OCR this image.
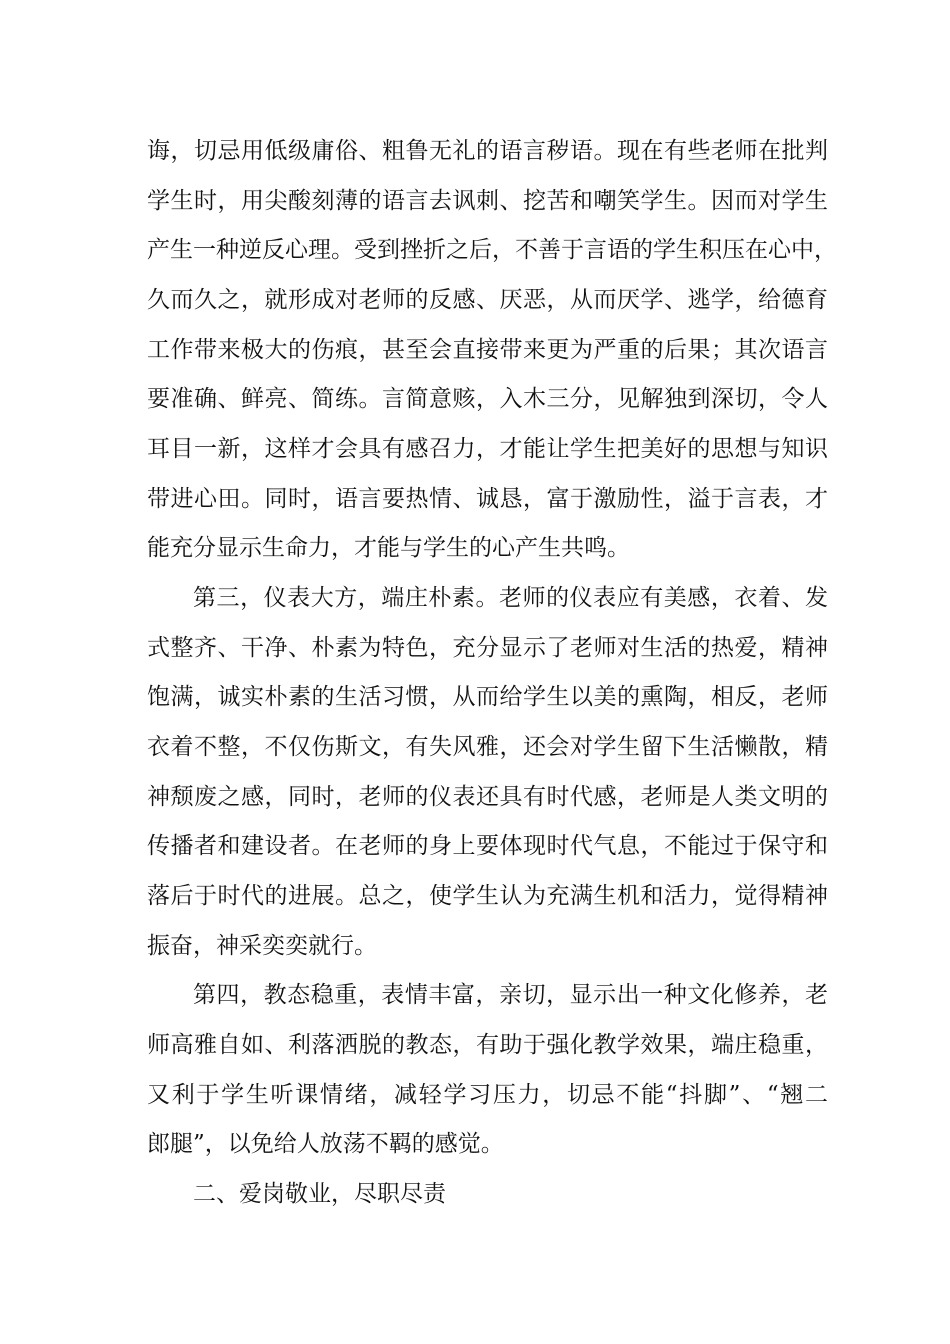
诲，切忌用低级庸俗、粗鲁无礼的语言秽语。现在有些老师在批判
学生时，用尖酸刻薄的语言去讽刺、挖苦和嘲笑学生。因而对学生
产生一种逆反心理。受到挫折之后，不善于言语的学生积压在心中，
久而久之，就形成对老师的反感、厌恶，从而厌学、逃学，给德育
工作带来极大的伤痕，甚至会直接带来更为严重的后果；其次语言
要准确、鲜亮、简练。言简意赅，入木三分，见解独到深切，令人
耳目一新，这样才会具有感召力，才能让学生把美好的思想与知识
带进心田。同时，语言要热情、诚恳，富于激励性，溢于言表，才
能充分显示生命力，才能与学生的心产生共鸣。
第三，仪表大方，端庄朴素。老师的仪表应有美感，衣着、发
式整齐、干净、朴素为特色，充分显示了老师对生活的热爱，精神
饱满，诚实朴素的生活习惯，从而给学生以美的熏陶，相反，老师
衣着不整，不仅伤斯文，有失风雅，还会对学生留下生活懒散，精
神颓废之感，同时，老师的仪表还具有时代感，老师是人类文明的
传播者和建设者。在老师的身上要体现时代气息，不能过于保守和
落后于时代的进展。总之，使学生认为充满生机和活力，觉得精神
振奋，神采奕奕就行。
第四，教态稳重，表情丰富，亲切，显示出一种文化修养，老
师高雅自如、利落洒脱的教态，有助于强化教学效果，端庄稳重，
又利于学生听课情绪，减轻学习压力，切忌不能“抖脚”、“翘二
郎腿”，以免给人放荡不羁的感觉。
二、爱岗敬业，尽职尽责
